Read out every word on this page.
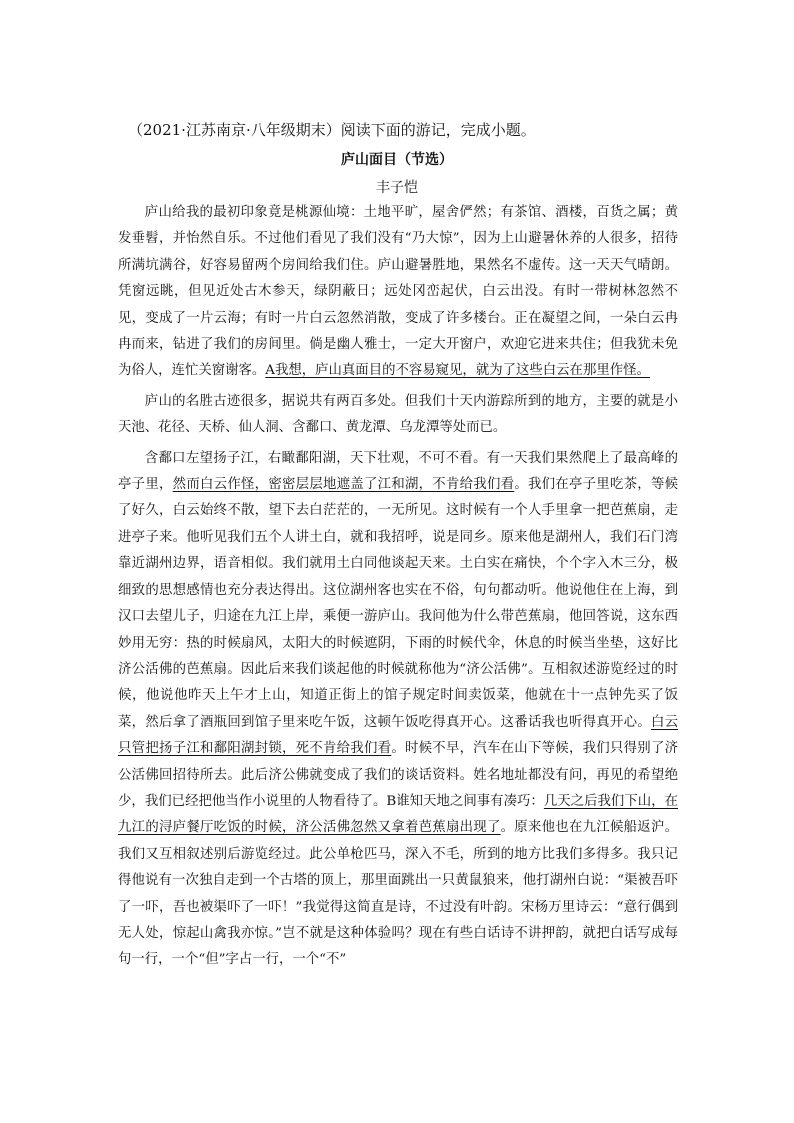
（2021·江苏南京·八年级期末）阅读下面的游记，完成小题。
庐山面目（节选）
丰子恺

庐山给我的最初印象竟是桃源仙境：土地平旷，屋舍俨然；有茶馆、酒楼，百货之属；黄发垂髫，并怡然自乐。不过他们看见了我们没有“乃大惊”，因为上山避暑休养的人很多，招待所满坑满谷，好容易留两个房间给我们住。庐山避暑胜地，果然名不虚传。这一天天气晴朗。凭窗远眺，但见近处古木参天，绿阴蔽日；远处冈峦起伏，白云出没。有时一带树林忽然不见，变成了一片云海；有时一片白云忽然消散，变成了许多楼台。正在凝望之间，一朵白云冉冉而来，钻进了我们的房间里。倘是幽人雅士，一定大开窗户，欢迎它进来共住；但我犹未免为俗人，连忙关窗谢客。A我想，庐山真面目的不容易窥见，就为了这些白云在那里作怪。

庐山的名胜古迹很多，据说共有两百多处。但我们十天内游踪所到的地方，主要的就是小天池、花径、天桥、仙人洞、含鄱口、黄龙潭、乌龙潭等处而已。

含鄱口左望扬子江，右瞰鄱阳湖，天下壮观，不可不看。有一天我们果然爬上了最高峰的亭子里，然而白云作怪，密密层层地遮盖了江和湖，不肯给我们看。我们在亭子里吃茶，等候了好久，白云始终不散，望下去白茫茫的，一无所见。这时候有一个人手里拿一把芭蕉扇，走进亭子来。他听见我们五个人讲土白，就和我招呼，说是同乡。原来他是湖州人，我们石门湾靠近湖州边界，语音相似。我们就用土白同他谈起天来。土白实在痛快，个个字入木三分，极细致的思想感情也充分表达得出。这位湖州客也实在不俗，句句都动听。他说他住在上海，到汉口去望儿子，归途在九江上岸，乘便一游庐山。我问他为什么带芭蕉扇，他回答说，这东西妙用无穷：热的时候扇风，太阳大的时候遮阴，下雨的时候代伞，休息的时候当坐垫，这好比济公活佛的芭蕉扇。因此后来我们谈起他的时候就称他为“济公活佛”。互相叙述游览经过的时候，他说他昨天上午才上山，知道正街上的馆子规定时间卖饭菜，他就在十一点钟先买了饭菜，然后拿了酒瓶回到馆子里来吃午饭，这顿午饭吃得真开心。这番话我也听得真开心。白云只管把扬子江和鄱阳湖封锁，死不肯给我们看。时候不早，汽车在山下等候，我们只得别了济公活佛回招待所去。此后济公佛就变成了我们的谈话资料。姓名地址都没有问，再见的希望绝少，我们已经把他当作小说里的人物看待了。B谁知天地之间事有凑巧：几天之后我们下山，在九江的浔庐餐厅吃饭的时候，济公活佛忽然又拿着芭蕉扇出现了。原来他也在九江候船返沪。我们又互相叙述别后游览经过。此公单枪匹马，深入不毛，所到的地方比我们多得多。我只记得他说有一次独自走到一个古塔的顶上，那里面跳出一只黄鼠狼来，他打湖州白说：“渠被吾吓了一吓，吾也被渠吓了一吓！”我觉得这简直是诗，不过没有叶韵。宋杨万里诗云：“意行偶到无人处，惊起山禽我亦惊。”岂不就是这种体验吗？现在有些白话诗不讲押韵，就把白话写成每句一行，一个“但”字占一行，一个“不”
